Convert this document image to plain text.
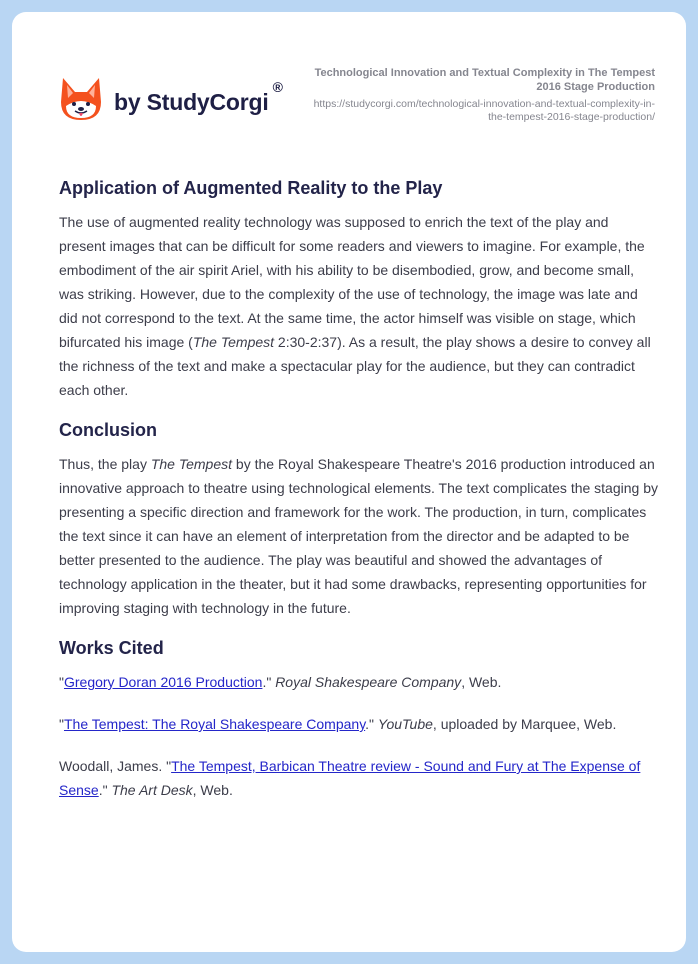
by StudyCorgi
®
Technological Innovation and Textual Complexity in The Tempest 2016 Stage Production
https://studycorgi.com/technological-innovation-and-textual-complexity-in-the-tempest-2016-stage-production/
Application of Augmented Reality to the Play

The use of augmented reality technology was supposed to enrich the text of the play and present images that can be difficult for some readers and viewers to imagine. For example, the embodiment of the air spirit Ariel, with his ability to be disembodied, grow, and become small, was striking. However, due to the complexity of the use of technology, the image was late and did not correspond to the text. At the same time, the actor himself was visible on stage, which bifurcated his image (The Tempest 2:30-2:37). As a result, the play shows a desire to convey all the richness of the text and make a spectacular play for the audience, but they can contradict each other.

Conclusion

Thus, the play The Tempest by the Royal Shakespeare Theatre's 2016 production introduced an innovative approach to theatre using technological elements. The text complicates the staging by presenting a specific direction and framework for the work. The production, in turn, complicates the text since it can have an element of interpretation from the director and be adapted to be better presented to the audience. The play was beautiful and showed the advantages of technology application in the theater, but it had some drawbacks, representing opportunities for improving staging with technology in the future.

Works Cited

"Gregory Doran 2016 Production." Royal Shakespeare Company, Web.

"The Tempest: The Royal Shakespeare Company." YouTube, uploaded by Marquee, Web.

Woodall, James. "The Tempest, Barbican Theatre review - Sound and Fury at The Expense of Sense." The Art Desk, Web.
